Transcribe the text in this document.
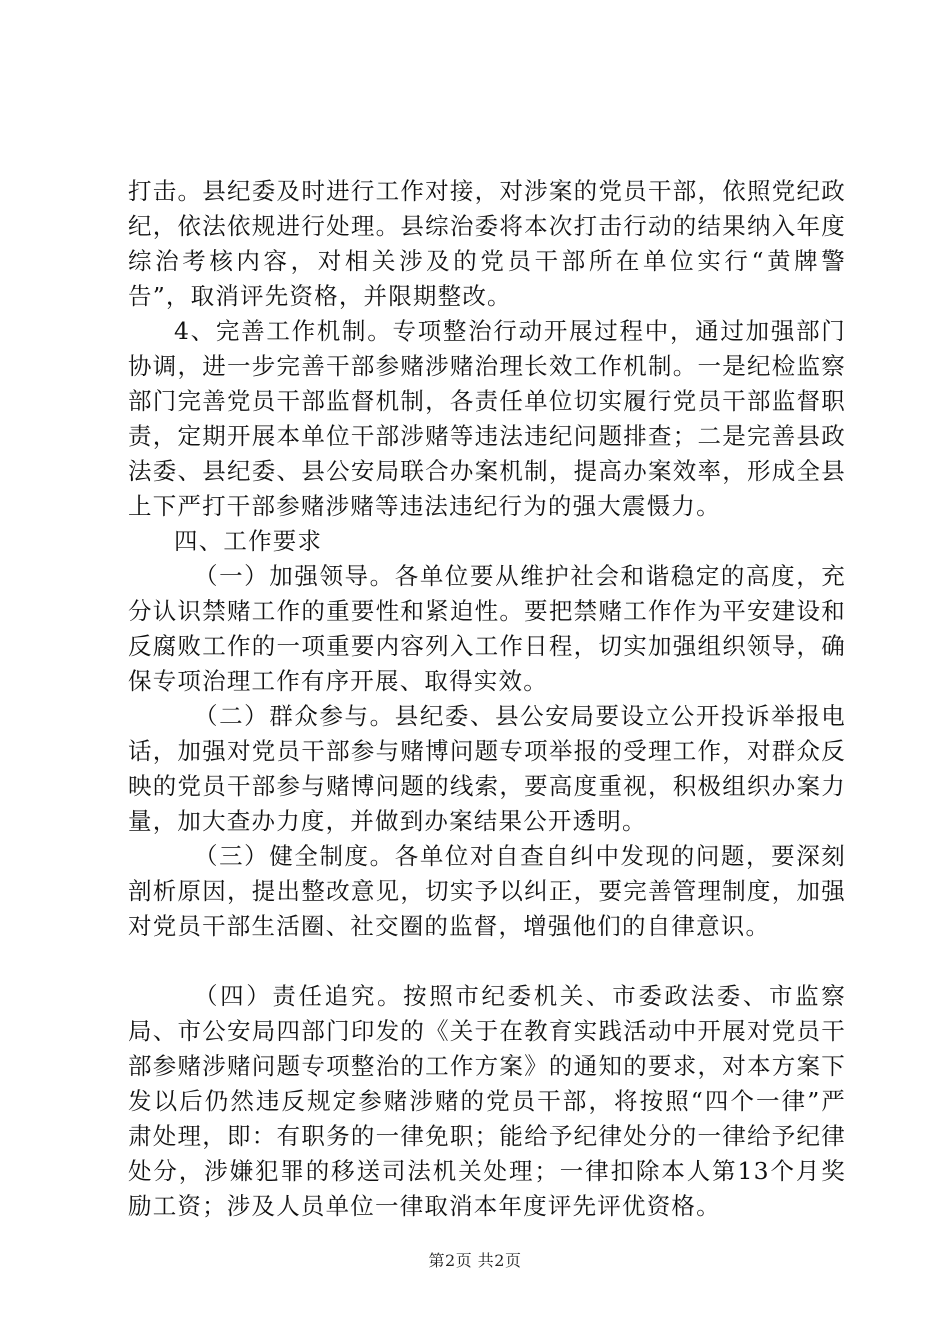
打击。县纪委及时进行工作对接，对涉案的党员干部，依照党纪政纪，依法依规进行处理。县综治委将本次打击行动的结果纳入年度综治考核内容，对相关涉及的党员干部所在单位实行“黄牌警告”，取消评先资格，并限期整改。

4、完善工作机制。专项整治行动开展过程中，通过加强部门协调，进一步完善干部参赌涉赌治理长效工作机制。一是纪检监察部门完善党员干部监督机制，各责任单位切实履行党员干部监督职责，定期开展本单位干部涉赌等违法违纪问题排查；二是完善县政法委、县纪委、县公安局联合办案机制，提高办案效率，形成全县上下严打干部参赌涉赌等违法违纪行为的强大震慑力。

四、工作要求

（一）加强领导。各单位要从维护社会和谐稳定的高度，充分认识禁赌工作的重要性和紧迫性。要把禁赌工作作为平安建设和反腐败工作的一项重要内容列入工作日程，切实加强组织领导，确保专项治理工作有序开展、取得实效。

（二）群众参与。县纪委、县公安局要设立公开投诉举报电话，加强对党员干部参与赌博问题专项举报的受理工作，对群众反映的党员干部参与赌博问题的线索，要高度重视，积极组织办案力量，加大查办力度，并做到办案结果公开透明。

（三）健全制度。各单位对自查自纠中发现的问题，要深刻剖析原因，提出整改意见，切实予以纠正，要完善管理制度，加强对党员干部生活圈、社交圈的监督，增强他们的自律意识。

（四）责任追究。按照市纪委机关、市委政法委、市监察局、市公安局四部门印发的《关于在教育实践活动中开展对党员干部参赌涉赌问题专项整治的工作方案》的通知的要求，对本方案下发以后仍然违反规定参赌涉赌的党员干部，将按照“四个一律”严肃处理，即：有职务的一律免职；能给予纪律处分的一律给予纪律处分，涉嫌犯罪的移送司法机关处理；一律扣除本人第13个月奖励工资；涉及人员单位一律取消本年度评先评优资格。

第2页 共2页
